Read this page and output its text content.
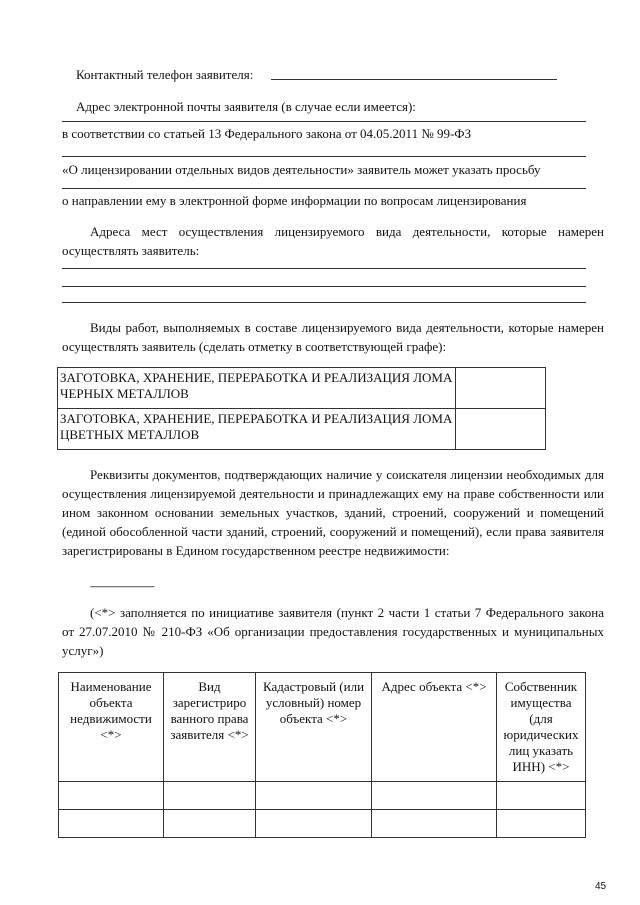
Контактный телефон заявителя:
Адрес электронной почты заявителя (в случае если имеется):
в соответствии со статьей 13 Федерального закона от 04.05.2011 № 99-ФЗ
«О лицензировании отдельных видов деятельности» заявитель может указать просьбу
о направлении ему в электронной форме информации по вопросам лицензирования
Адреса мест осуществления лицензируемого вида деятельности, которые намерен осуществлять заявитель:
Виды работ, выполняемых в составе лицензируемого вида деятельности, которые намерен осуществлять заявитель (сделать отметку в соответствующей графе):
ЗАГОТОВКА, ХРАНЕНИЕ, ПЕРЕРАБОТКА И РЕАЛИЗАЦИЯ ЛОМА ЧЕРНЫХ МЕТАЛЛОВ	
ЗАГОТОВКА, ХРАНЕНИЕ, ПЕРЕРАБОТКА И РЕАЛИЗАЦИЯ ЛОМА ЦВЕТНЫХ МЕТАЛЛОВ	
Реквизиты документов, подтверждающих наличие у соискателя лицензии необходимых для осуществления лицензируемой деятельности и принадлежащих ему на праве собственности или ином законном основании земельных участков, зданий, строений, сооружений и помещений (единой обособленной части зданий, строений, сооружений и помещений), если права заявителя зарегистрированы в Едином государственном реестре недвижимости:
--------------------------------
(<*> заполняется по инициативе заявителя (пункт 2 части 1 статьи 7 Федерального закона от 27.07.2010 № 210-ФЗ «Об организации предоставления государственных и муниципальных услуг»)
Наименование объекта недвижимости <*>	Вид зарегистриро ванного права заявителя <*>	Кадастровый (или условный) номер объекта <*>	Адрес объекта <*>	Собственник имущества (для юридических лиц указать ИНН) <*>

45
